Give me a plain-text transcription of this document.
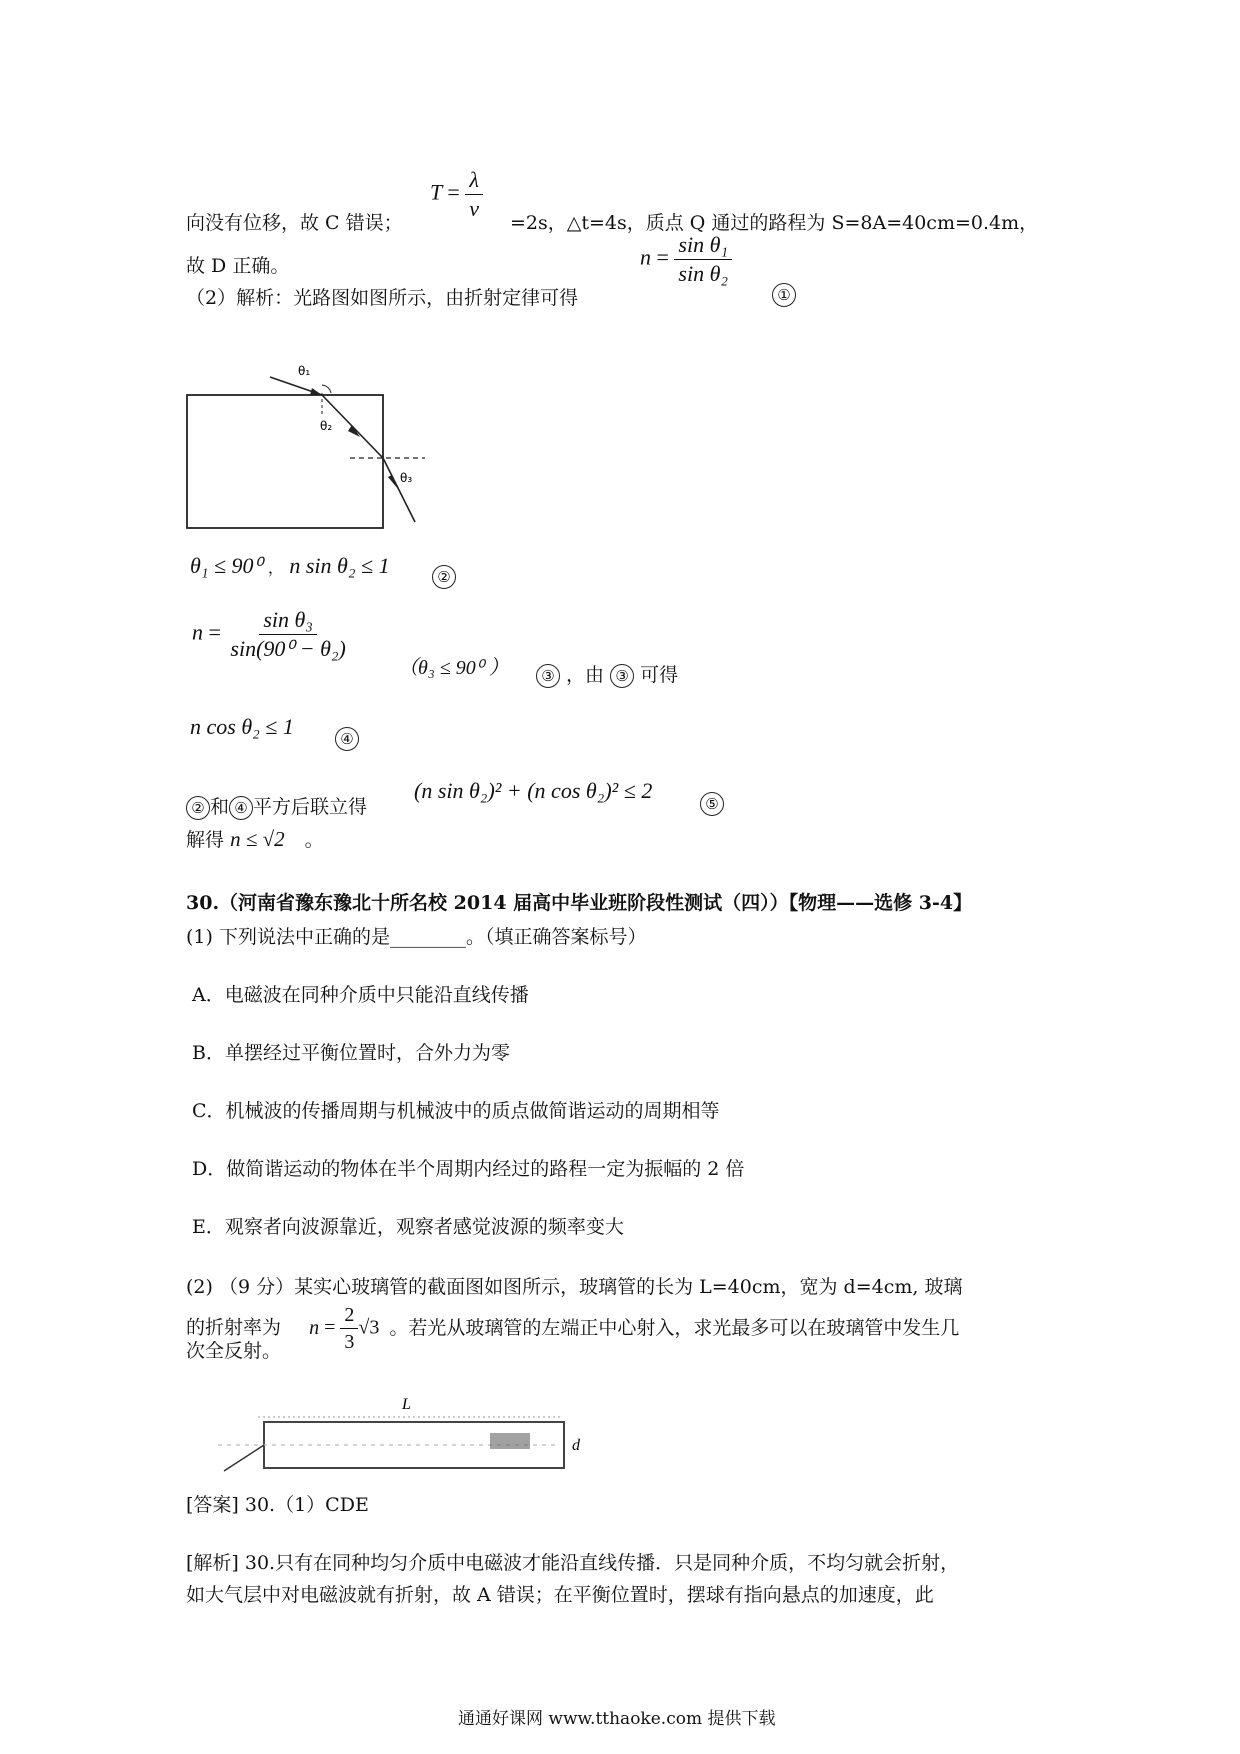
向没有位移，故 C 错误；
$T = \frac{\lambda}{v}$
=2s，△t=4s，质点 Q 通过的路程为 S=8A=40cm=0.4m，
故 D 正确。	$n = \frac{\text{sin θ₁}}{\text{sin θ₂}}$
（2）解析：光路图如图所示，由折射定律可得	①
θ₁
θ₂
θ₃
θ₁ ≤ 90⁰ ， n sin θ₂ ≤ 1	②
$n = \frac{\text{sin θ₃}}{\text{sin(90⁰ − θ₂)}}$
（θ₃ ≤ 90⁰ ）	③ ，由 ③ 可得
n cos θ₂ ≤ 1	④
② 和 ④ 平方后联立得
(n sin θ₂)² + (n cos θ₂)² ≤ 2
⑤
解得 n ≤ √2 。
30.（河南省豫东豫北十所名校 2014 届高中毕业班阶段性测试（四））【物理——选修 3-4】
(1) 下列说法中正确的是________。（填正确答案标号）
A．电磁波在同种介质中只能沿直线传播
B．单摆经过平衡位置时，合外力为零
C．机械波的传播周期与机械波中的质点做简谐运动的周期相等
D．做简谐运动的物体在半个周期内经过的路程一定为振幅的 2 倍
E．观察者向波源靠近，观察者感觉波源的频率变大
(2) （9 分）某实心玻璃管的截面图如图所示，玻璃管的长为 L=40cm，宽为 d=4cm, 玻璃
的折射率为 $n = \frac{2}{3} √3$ 。若光从玻璃管的左端正中心射入，求光最多可以在玻璃管中发生几
次全反射。
L
d
[答案] 30.（1）CDE
[解析] 30.只有在同种均匀介质中电磁波才能沿直线传播．只是同种介质，不均匀就会折射，
如大气层中对电磁波就有折射，故 A 错误；在平衡位置时，摆球有指向悬点的加速度，此
通通好课网 www.tthaoke.com 提供下载
